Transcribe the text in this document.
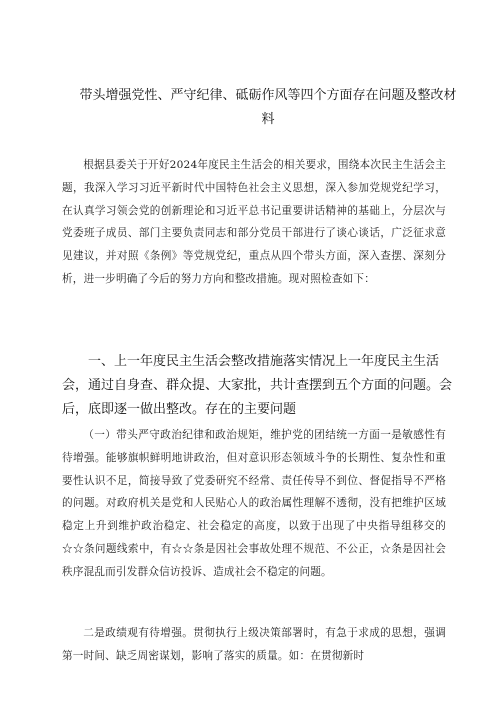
带头增强党性、严守纪律、砥砺作风等四个方面存在问题及整改材料

根据县委关于开好2024年度民主生活会的相关要求，围绕本次民主生活会主题，我深入学习习近平新时代中国特色社会主义思想，深入参加党规党纪学习，在认真学习领会党的创新理论和习近平总书记重要讲话精神的基础上，分层次与党委班子成员、部门主要负责同志和部分党员干部进行了谈心谈话，广泛征求意见建议，并对照《条例》等党规党纪，重点从四个带头方面，深入查摆、深刻分析，进一步明确了今后的努力方向和整改措施。现对照检查如下：

一、上一年度民主生活会整改措施落实情况上一年度民主生活会，通过自身查、群众提、大家批，共计查摆到五个方面的问题。会后，底即逐一做出整改。存在的主要问题

（一）带头严守政治纪律和政治规矩，维护党的团结统一方面一是敏感性有待增强。能够旗帜鲜明地讲政治，但对意识形态领域斗争的长期性、复杂性和重要性认识不足，简接导致了党委研究不经常、责任传导不到位、督促指导不严格的问题。对政府机关是党和人民贴心人的政治属性理解不透彻，没有把维护区域稳定上升到维护政治稳定、社会稳定的高度，以致于出现了中央指导组移交的☆☆条问题线索中，有☆☆条是因社会事故处理不规范、不公正，☆条是因社会秩序混乱而引发群众信访投诉、造成社会不稳定的问题。

二是政绩观有待增强。贯彻执行上级决策部署时，有急于求成的思想，强调第一时间、缺乏周密谋划，影响了落实的质量。如：在贯彻新时
